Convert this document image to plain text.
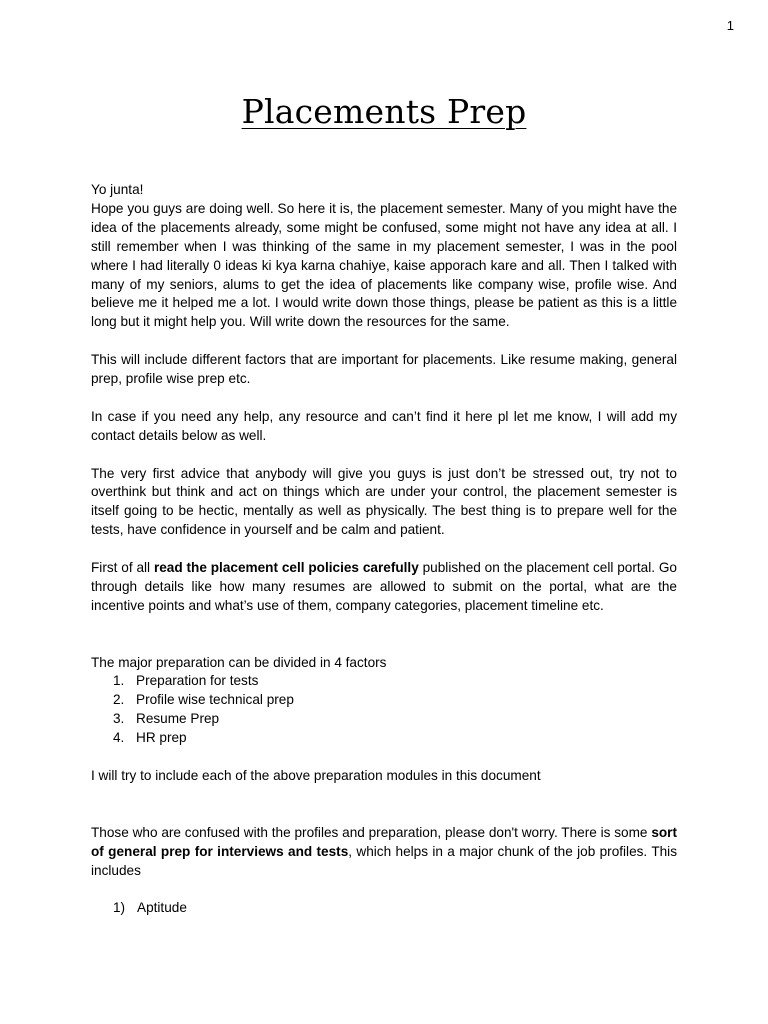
1
Placements Prep

Yo junta!

Hope you guys are doing well. So here it is, the placement semester. Many of you might have the idea of the placements already, some might be confused, some might not have any idea at all. I still remember when I was thinking of the same in my placement semester, I was in the pool where I had literally 0 ideas ki kya karna chahiye, kaise apporach kare and all. Then I talked with many of my seniors, alums to get the idea of placements like company wise, profile wise. And believe me it helped me a lot. I would write down those things, please be patient as this is a little long but it might help you. Will write down the resources for the same.

This will include different factors that are important for placements. Like resume making, general prep, profile wise prep etc.

In case if you need any help, any resource and can’t find it here pl let me know, I will add my contact details below as well.

The very first advice that anybody will give you guys is just don’t be stressed out, try not to overthink but think and act on things which are under your control, the placement semester is itself going to be hectic, mentally as well as physically. The best thing is to prepare well for the tests, have confidence in yourself and be calm and patient.

First of all read the placement cell policies carefully published on the placement cell portal. Go through details like how many resumes are allowed to submit on the portal, what are the incentive points and what’s use of them, company categories, placement timeline etc.

The major preparation can be divided in 4 factors

1. Preparation for tests
2. Profile wise technical prep
3. Resume Prep
4. HR prep

I will try to include each of the above preparation modules in this document

Those who are confused with the profiles and preparation, please don't worry. There is some sort of general prep for interviews and tests, which helps in a major chunk of the job profiles. This includes

1) Aptitude
